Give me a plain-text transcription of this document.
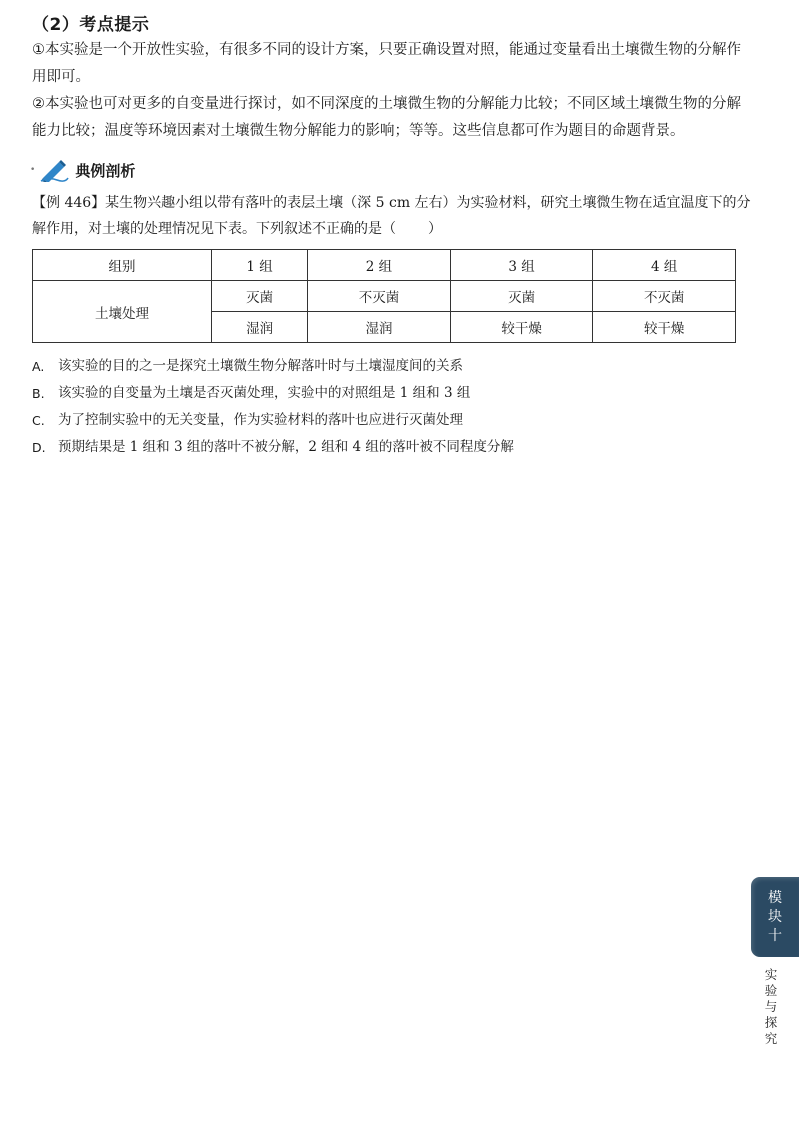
（2）考点提示
①本实验是一个开放性实验，有很多不同的设计方案，只要正确设置对照，能通过变量看出土壤微生物的分解作用即可。
②本实验也可对更多的自变量进行探讨，如不同深度的土壤微生物的分解能力比较；不同区域土壤微生物的分解能力比较；温度等环境因素对土壤微生物分解能力的影响；等等。这些信息都可作为题目的命题背景。
•	典例剖析
【例 446】某生物兴趣小组以带有落叶的表层土壤（深 5 cm 左右）为实验材料，研究土壤微生物在适宜温度下的分解作用，对土壤的处理情况见下表。下列叙述不正确的是（ ）
组别	1 组	2 组	3 组	4 组
土壤处理	灭菌	不灭菌	灭菌	不灭菌
	湿润	湿润	较干燥	较干燥
A.	该实验的目的之一是探究土壤微生物分解落叶时与土壤湿度间的关系
B. 该实验的自变量为土壤是否灭菌处理，实验中的对照组是 1 组和 3 组
C. 为了控制实验中的无关变量，作为实验材料的落叶也应进行灭菌处理
D. 预期结果是 1 组和 3 组的落叶不被分解，2 组和 4 组的落叶被不同程度分解
模
块
十
实
验
与
探
究
